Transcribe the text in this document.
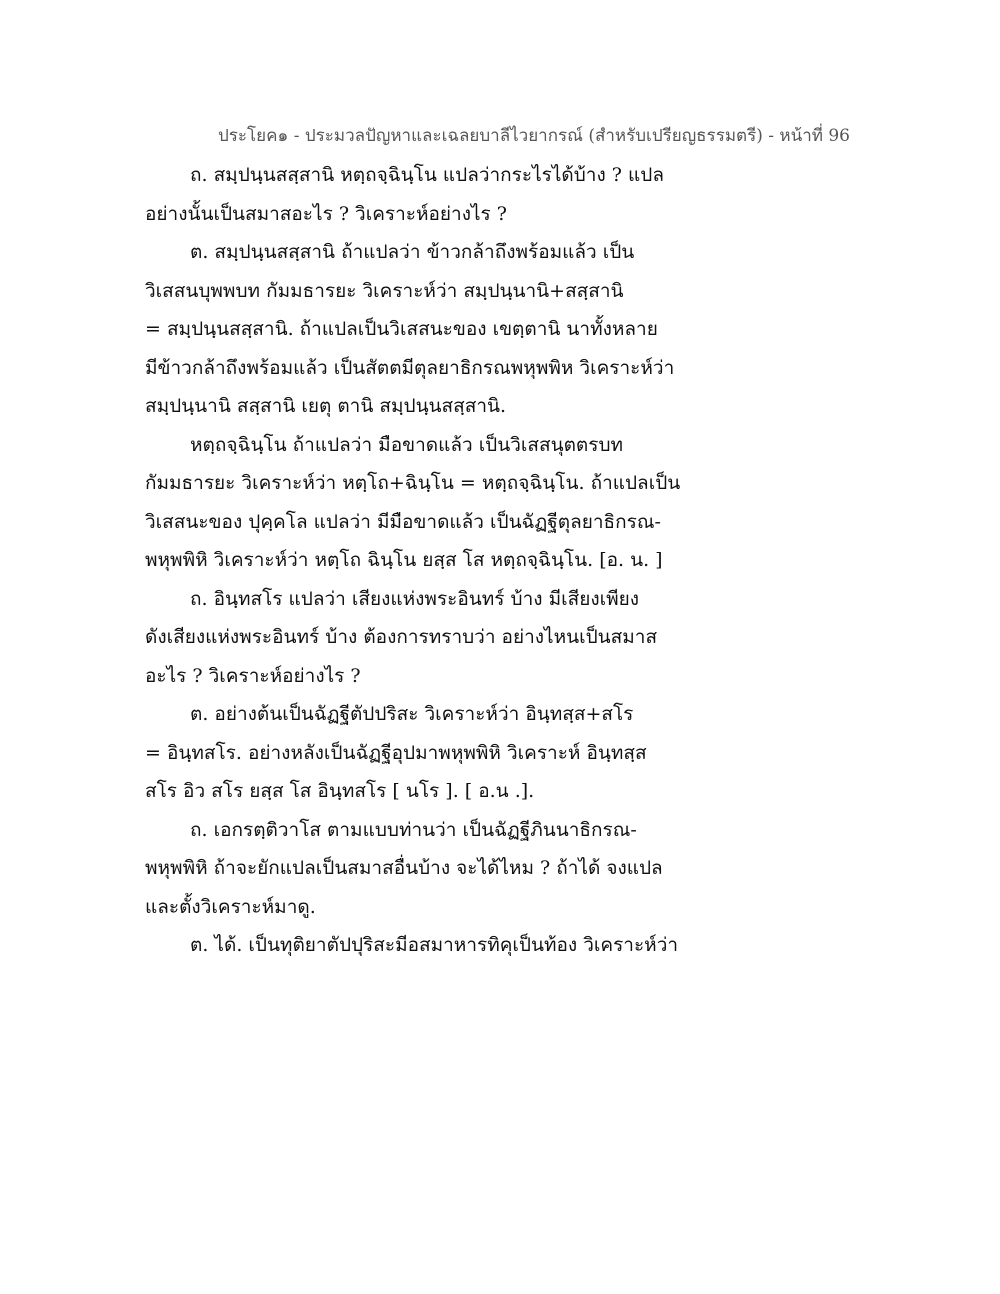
ประโยค๑ - ประมวลปัญหาและเฉลยบาลีไวยากรณ์ (สำหรับเปรียญธรรมตรี) - หน้าที่ 96
ถ. สมฺปนฺนสสฺสานิ หตฺถจฺฉินฺโน แปลว่ากระไรได้บ้าง ? แปล
อย่างนั้นเป็นสมาสอะไร ? วิเคราะห์อย่างไร ?
ต. สมฺปนฺนสสฺสานิ ถ้าแปลว่า ข้าวกล้าถึงพร้อมแล้ว เป็น
วิเสสนบุพพบท กัมมธารยะ วิเคราะห์ว่า สมฺปนฺนานิ+สสฺสานิ
= สมฺปนฺนสสฺสานิ. ถ้าแปลเป็นวิเสสนะของ เขตฺตานิ นาทั้งหลาย
มีข้าวกล้าถึงพร้อมแล้ว เป็นสัตตมีตุลยาธิกรณพหุพพิห วิเคราะห์ว่า
สมฺปนฺนานิ สสฺสานิ เยตุ ตานิ สมฺปนฺนสสฺสานิ.
หตฺถจฺฉินฺโน ถ้าแปลว่า มือขาดแล้ว เป็นวิเสสนุตตรบท
กัมมธารยะ วิเคราะห์ว่า หตฺโถ+ฉินฺโน = หตฺถจฺฉินฺโน. ถ้าแปลเป็น
วิเสสนะของ ปุคฺคโล แปลว่า มีมือขาดแล้ว เป็นฉัฏฐีตุลยาธิกรณ-
พหุพพิหิ วิเคราะห์ว่า หตฺโถ ฉินฺโน ยสฺส โส หตฺถจฺฉินฺโน. [อ. น. ]
ถ. อินฺทสโร แปลว่า เสียงแห่งพระอินทร์ บ้าง มีเสียงเพียง
ดังเสียงแห่งพระอินทร์ บ้าง ต้องการทราบว่า อย่างไหนเป็นสมาส
อะไร ? วิเคราะห์อย่างไร ?
ต. อย่างต้นเป็นฉัฏฐีตัปปริสะ วิเคราะห์ว่า อินฺทสฺส+สโร
= อินฺทสโร. อย่างหลังเป็นฉัฏฐีอุปมาพหุพพิหิ วิเคราะห์ อินฺทสฺส
สโร อิว สโร ยสฺส โส อินฺทสโร [ นโร ]. [ อ.น .].
ถ. เอกรตฺติวาโส ตามแบบท่านว่า เป็นฉัฏฐีภินนาธิกรณ-
พหุพพิหิ ถ้าจะยักแปลเป็นสมาสอื่นบ้าง จะได้ไหม ? ถ้าได้ จงแปล
และตั้งวิเคราะห์มาดู.
ต. ได้. เป็นทุติยาตัปปุริสะมีอสมาหารทิคุเป็นท้อง วิเคราะห์ว่า
